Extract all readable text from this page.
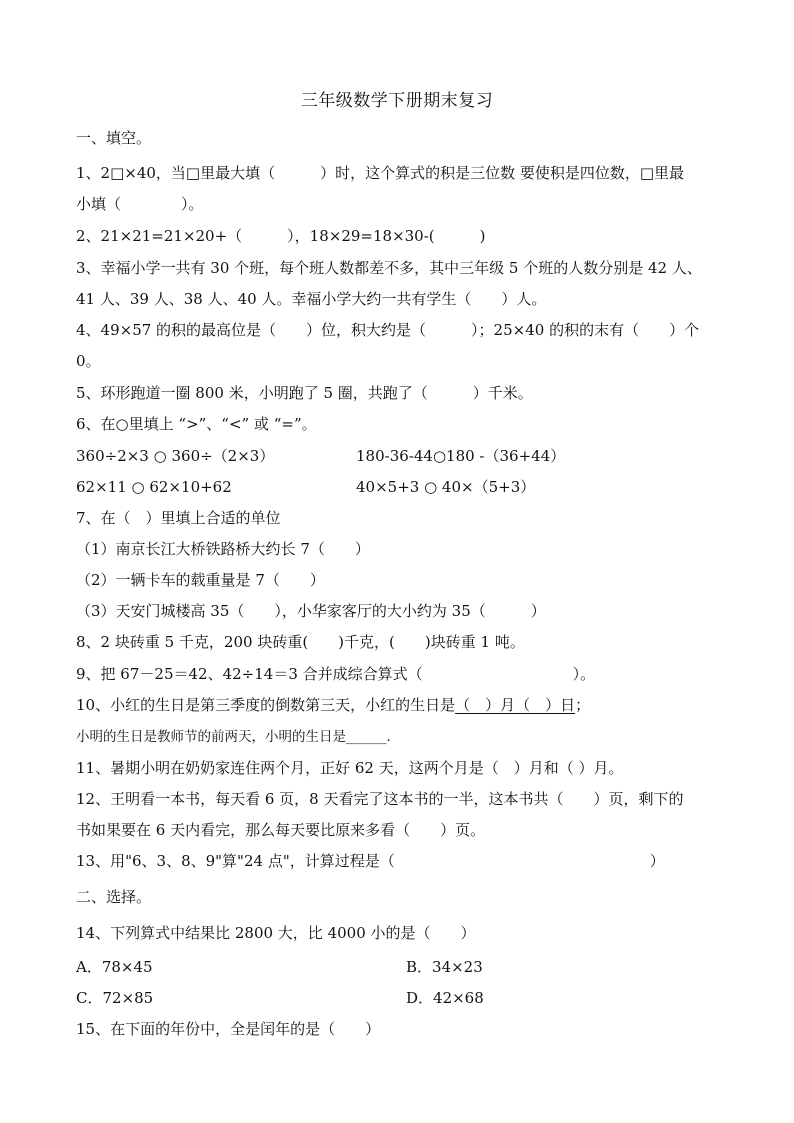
三年级数学下册期末复习
一、填空。
1、2□×40，当□里最大填（　　　）时，这个算式的积是三位数 要使积是四位数，□里最
小填（　　　　）。
2、21×21=21×20+（　　　），18×29=18×30-(　　　)
3、幸福小学一共有 30 个班，每个班人数都差不多，其中三年级 5 个班的人数分别是 42 人、
41 人、39 人、38 人、40 人。幸福小学大约一共有学生（　　）人。
4、49×57 的积的最高位是（　　）位，积大约是（　　　）；25×40 的积的末有（　　）个
0。
5、环形跑道一圈 800 米，小明跑了 5 圈，共跑了（　　　）千米。
6、在○里填上 “>”、“<” 或 “=”。
360÷2×3 ○ 360÷（2×3）	180-36-44○180 -（36+44）
62×11 ○ 62×10+62	40×5+3 ○ 40×（5+3）
7、在（　）里填上合适的单位
（1）南京长江大桥铁路桥大约长 7（　　）
（2）一辆卡车的载重量是 7（　　）
（3）天安门城楼高 35（　　），小华家客厅的大小约为 35（　　　）
8、2 块砖重 5 千克，200 块砖重(　　)千克，(　　)块砖重 1 吨。
9、把 67－25＝42、42÷14＝3 合并成综合算式（　　　　　　　　　　）。
10、小红的生日是第三季度的倒数第三天，小红的生日是（　）月（　）日；
小明的生日是教师节的前两天，小明的生日是______．
11、暑期小明在奶奶家连住两个月，正好 62 天，这两个月是（　）月和（ ）月。
12、王明看一本书，每天看 6 页，8 天看完了这本书的一半，这本书共（　　）页，剩下的
书如果要在 6 天内看完，那么每天要比原来多看（　　）页。
13、用"6、3、8、9"算"24 点"，计算过程是（　　　　　　　　　　　　　　　　　）
二、选择。
14、下列算式中结果比 2800 大，比 4000 小的是（　　）
A．78×45	B．34×23
C．72×85	D．42×68
15、在下面的年份中，全是闰年的是（　　）
